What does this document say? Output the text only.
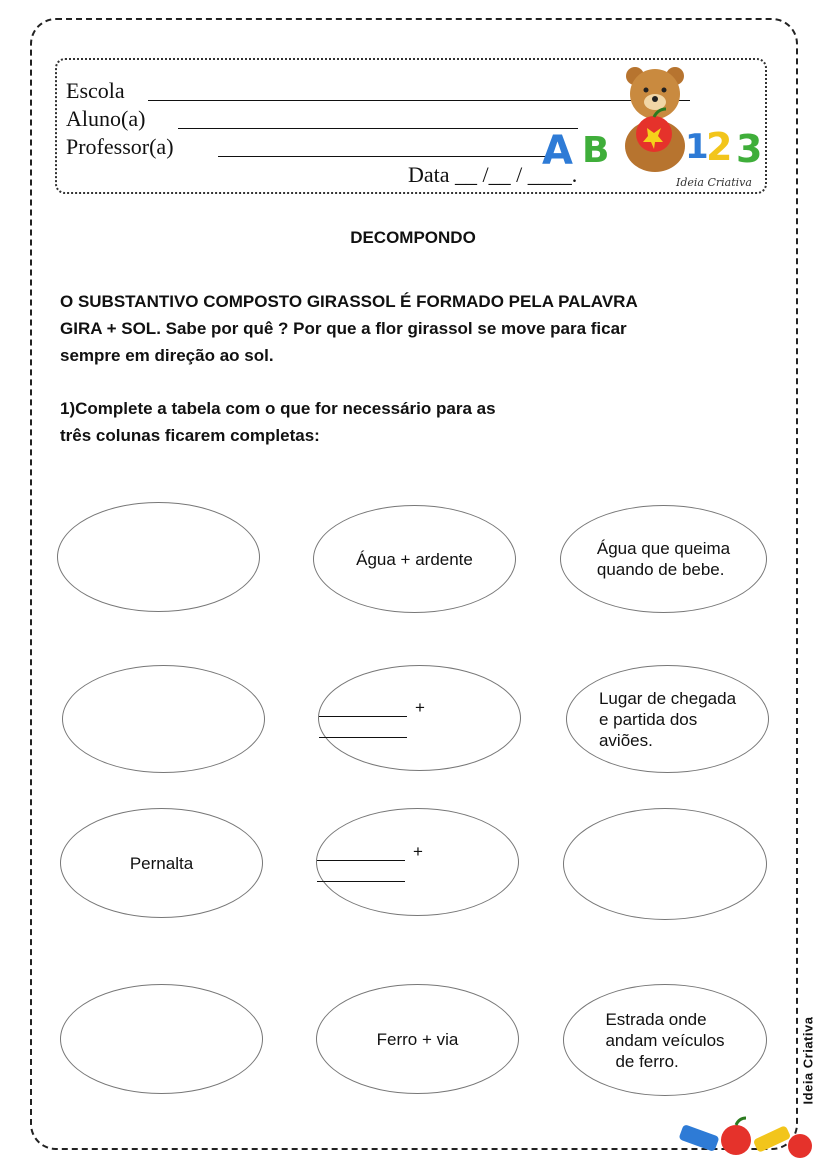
Escola
Aluno(a)
Professor(a)
Data __ /__ / ____.
A B 1
2 3
Ideia Criativa
DECOMPONDO
O SUBSTANTIVO COMPOSTO GIRASSOL É FORMADO PELA PALAVRA
GIRA + SOL. Sabe por quê ? Por que a flor girassol se move para ficar
sempre em direção ao sol.
1)Complete a tabela com o que for necessário para as
três colunas ficarem completas:
Água + ardente
Água que queima
quando de bebe.
+	Lugar de chegada
e partida dos
aviões.
Pernalta
+
Ferro + via
Estrada onde
andam veículos
de ferro.	Ideia Criativa
